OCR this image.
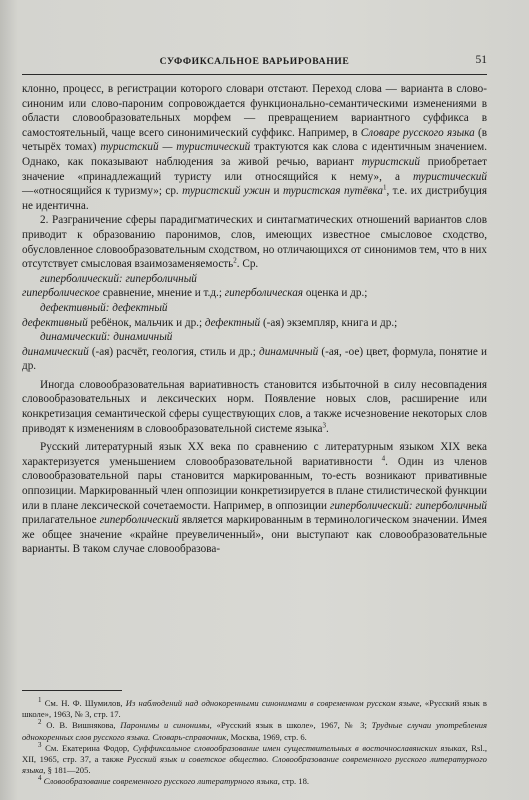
СУФФИКСАЛЬНОЕ ВАРЬИРОВАНИЕ	51

клонно, процесс, в регистрации которого словари отстают. Переход слова — варианта в слово-синоним или слово-пароним сопровождается функционально-семантическими изменениями в области словообразовательных морфем — превращением вариантного суффикса в самостоятельный, чаще всего синонимический суффикс. Например, в Словаре русского языка (в четырёх томах) туристский — туристический трактуются как слова с идентичным значением. Однако, как показывают наблюдения за живой речью, вариант туристский приобретает значение «принадлежащий туристу или относящийся к нему», а туристический —«относящийся к туризму»; ср. туристский ужин и туристская путёвка$^1$, т.е. их дистрибуция не идентична.

2. Разграничение сферы парадигматических и синтагматических отношений вариантов слов приводит к образованию паронимов, слов, имеющих известное смысловое сходство, обусловленное словообразовательным сходством, но отличающихся от синонимов тем, что в них отсутствует смысловая взаимозаменяемость$^2$. Ср.

гиперболический: гиперболичный

гиперболическое сравнение, мнение и т.д.; гиперболическая оценка и др.;

дефективный: дефектный

дефективный ребёнок, мальчик и др.; дефектный (-ая) экземпляр, книга и др.;

динамический: динамичный

динамический (-ая) расчёт, геология, стиль и др.; динамичный (-ая, -ое) цвет, формула, понятие и др.

Иногда словообразовательная вариативность становится избыточной в силу несовпадения словообразовательных и лексических норм. Появление новых слов, расширение или конкретизация семантической сферы существующих слов, а также исчезновение некоторых слов приводят к изменениям в словообразовательной системе языка$^3$.

Русский литературный язык XX века по сравнению с литературным языком XIX века характеризуется уменьшением словообразовательной вариативности $^4$. Один из членов словообразовательной пары становится маркированным, то-есть возникают привативные оппозиции. Маркированный член оппозиции конкретизируется в плане стилистической функции или в плане лексической сочетаемости. Например, в оппозиции гиперболический: гиперболичный прилагательное гиперболический является маркированным в терминологическом значении. Имея же общее значение «крайне преувеличенный», они выступают как словообразовательные варианты. В таком случае словообразова-

$^1$ См. Н. Ф. Шумилов, Из наблюдений над однокоренными синонимами в современном русском языке, «Русский язык в школе», 1963, № 3, стр. 17.

$^2$ О. В. Вишнякова, Паронимы и синонимы, «Русский язык в школе», 1967, № 3; Трудные случаи употребления однокоренных слов русского языка. Словарь-справочник, Москва, 1969, стр. 6.

$^3$ См. Екатерина Фодор, Суффиксальное словообразование имен существительных в восточнославянских языках, Rsl., XII, 1965, стр. 37, а также Русский язык и советское общество. Словообразование современного русского литературного языка, § 181—205.

$^4$ Словообразование современного русского литературного языка, стр. 18.
